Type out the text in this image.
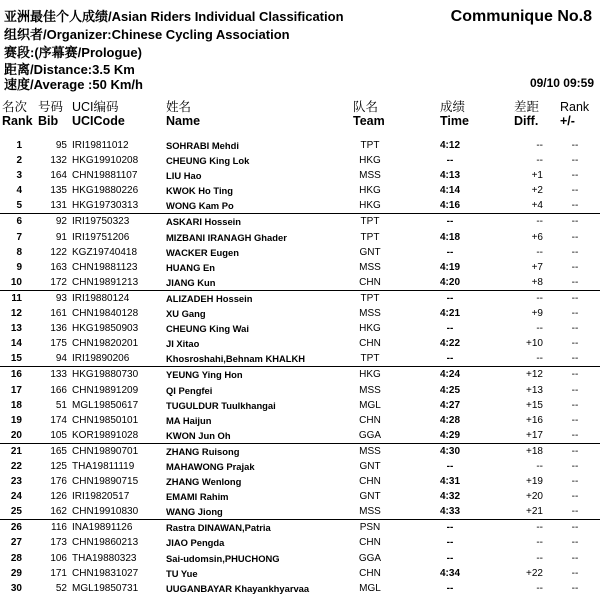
亚洲最佳个人成绩/Asian Riders Individual Classification	Communique No.8
组织者/Organizer:Chinese Cycling Association
赛段:(序幕赛/Prologue)
距离/Distance:3.5 Km
速度/Average :50 Km/h	09/10 09:59
名次
Rank
号码
Bib
UCI编码
UCICode
姓名
Name
队名
Team
成绩
Time
差距
Diff.
Rank
+/-
1	95 IRI19811012	SOHRABI Mehdi	TPT	4:12	--	--
2	132 HKG19910208	CHEUNG King Lok	HKG	--	--	--
3	164 CHN19881107	LIU Hao	MSS	4:13	+1	--
4	135 HKG19880226	KWOK Ho Ting	HKG	4:14	+2	--
5	131 HKG19730313	WONG Kam Po	HKG	4:16	+4	--
6	92 IRI19750323	ASKARI Hossein	TPT	--	--	--
7	91 IRI19751206	MIZBANI IRANAGH Ghader	TPT	4:18	+6	--
8	122 KGZ19740418	WACKER Eugen	GNT	--	--	--
9	163 CHN19881123	HUANG En	MSS	4:19	+7	--
10	172 CHN19891213	JIANG Kun	CHN	4:20	+8	--
11	93 IRI19880124	ALIZADEH Hossein	TPT	--	--	--
12	161 CHN19840128	XU Gang	MSS	4:21	+9	--
13	136 HKG19850903	CHEUNG King Wai	HKG	--	--	--
14	175 CHN19820201	JI Xitao	CHN	4:22	+10	--
15	94 IRI19890206	Khosroshahi,Behnam KHALKH	TPT	--	--	--
16	133 HKG19880730	YEUNG Ying Hon	HKG	4:24	+12	--
17	166 CHN19891209	QI Pengfei	MSS	4:25	+13	--
18	51 MGL19850617	TUGULDUR Tuulkhangai	MGL	4:27	+15	--
19	174 CHN19850101	MA Haijun	CHN	4:28	+16	--
20	105 KOR19891028	KWON Jun Oh	GGA	4:29	+17	--
21	165 CHN19890701	ZHANG Ruisong	MSS	4:30	+18	--
22	125 THA19811119	MAHAWONG Prajak	GNT	--	--	--
23	176 CHN19890715	ZHANG Wenlong	CHN	4:31	+19	--
24	126 IRI19820517	EMAMI Rahim	GNT	4:32	+20	--
25	162 CHN19910830	WANG Jiong	MSS	4:33	+21	--
26	116 INA19891126	Rastra DINAWAN,Patria	PSN	--	--	--
27	173 CHN19860213	JIAO Pengda	CHN	--	--	--
28	106 THA19880323	Sai-udomsin,PHUCHONG	GGA	--	--	--
29	171 CHN19831027	TU Yue	CHN	4:34	+22	--
30	52 MGL19850731	UUGANBAYAR Khayankhyarvaa	MGL	--	--	--
